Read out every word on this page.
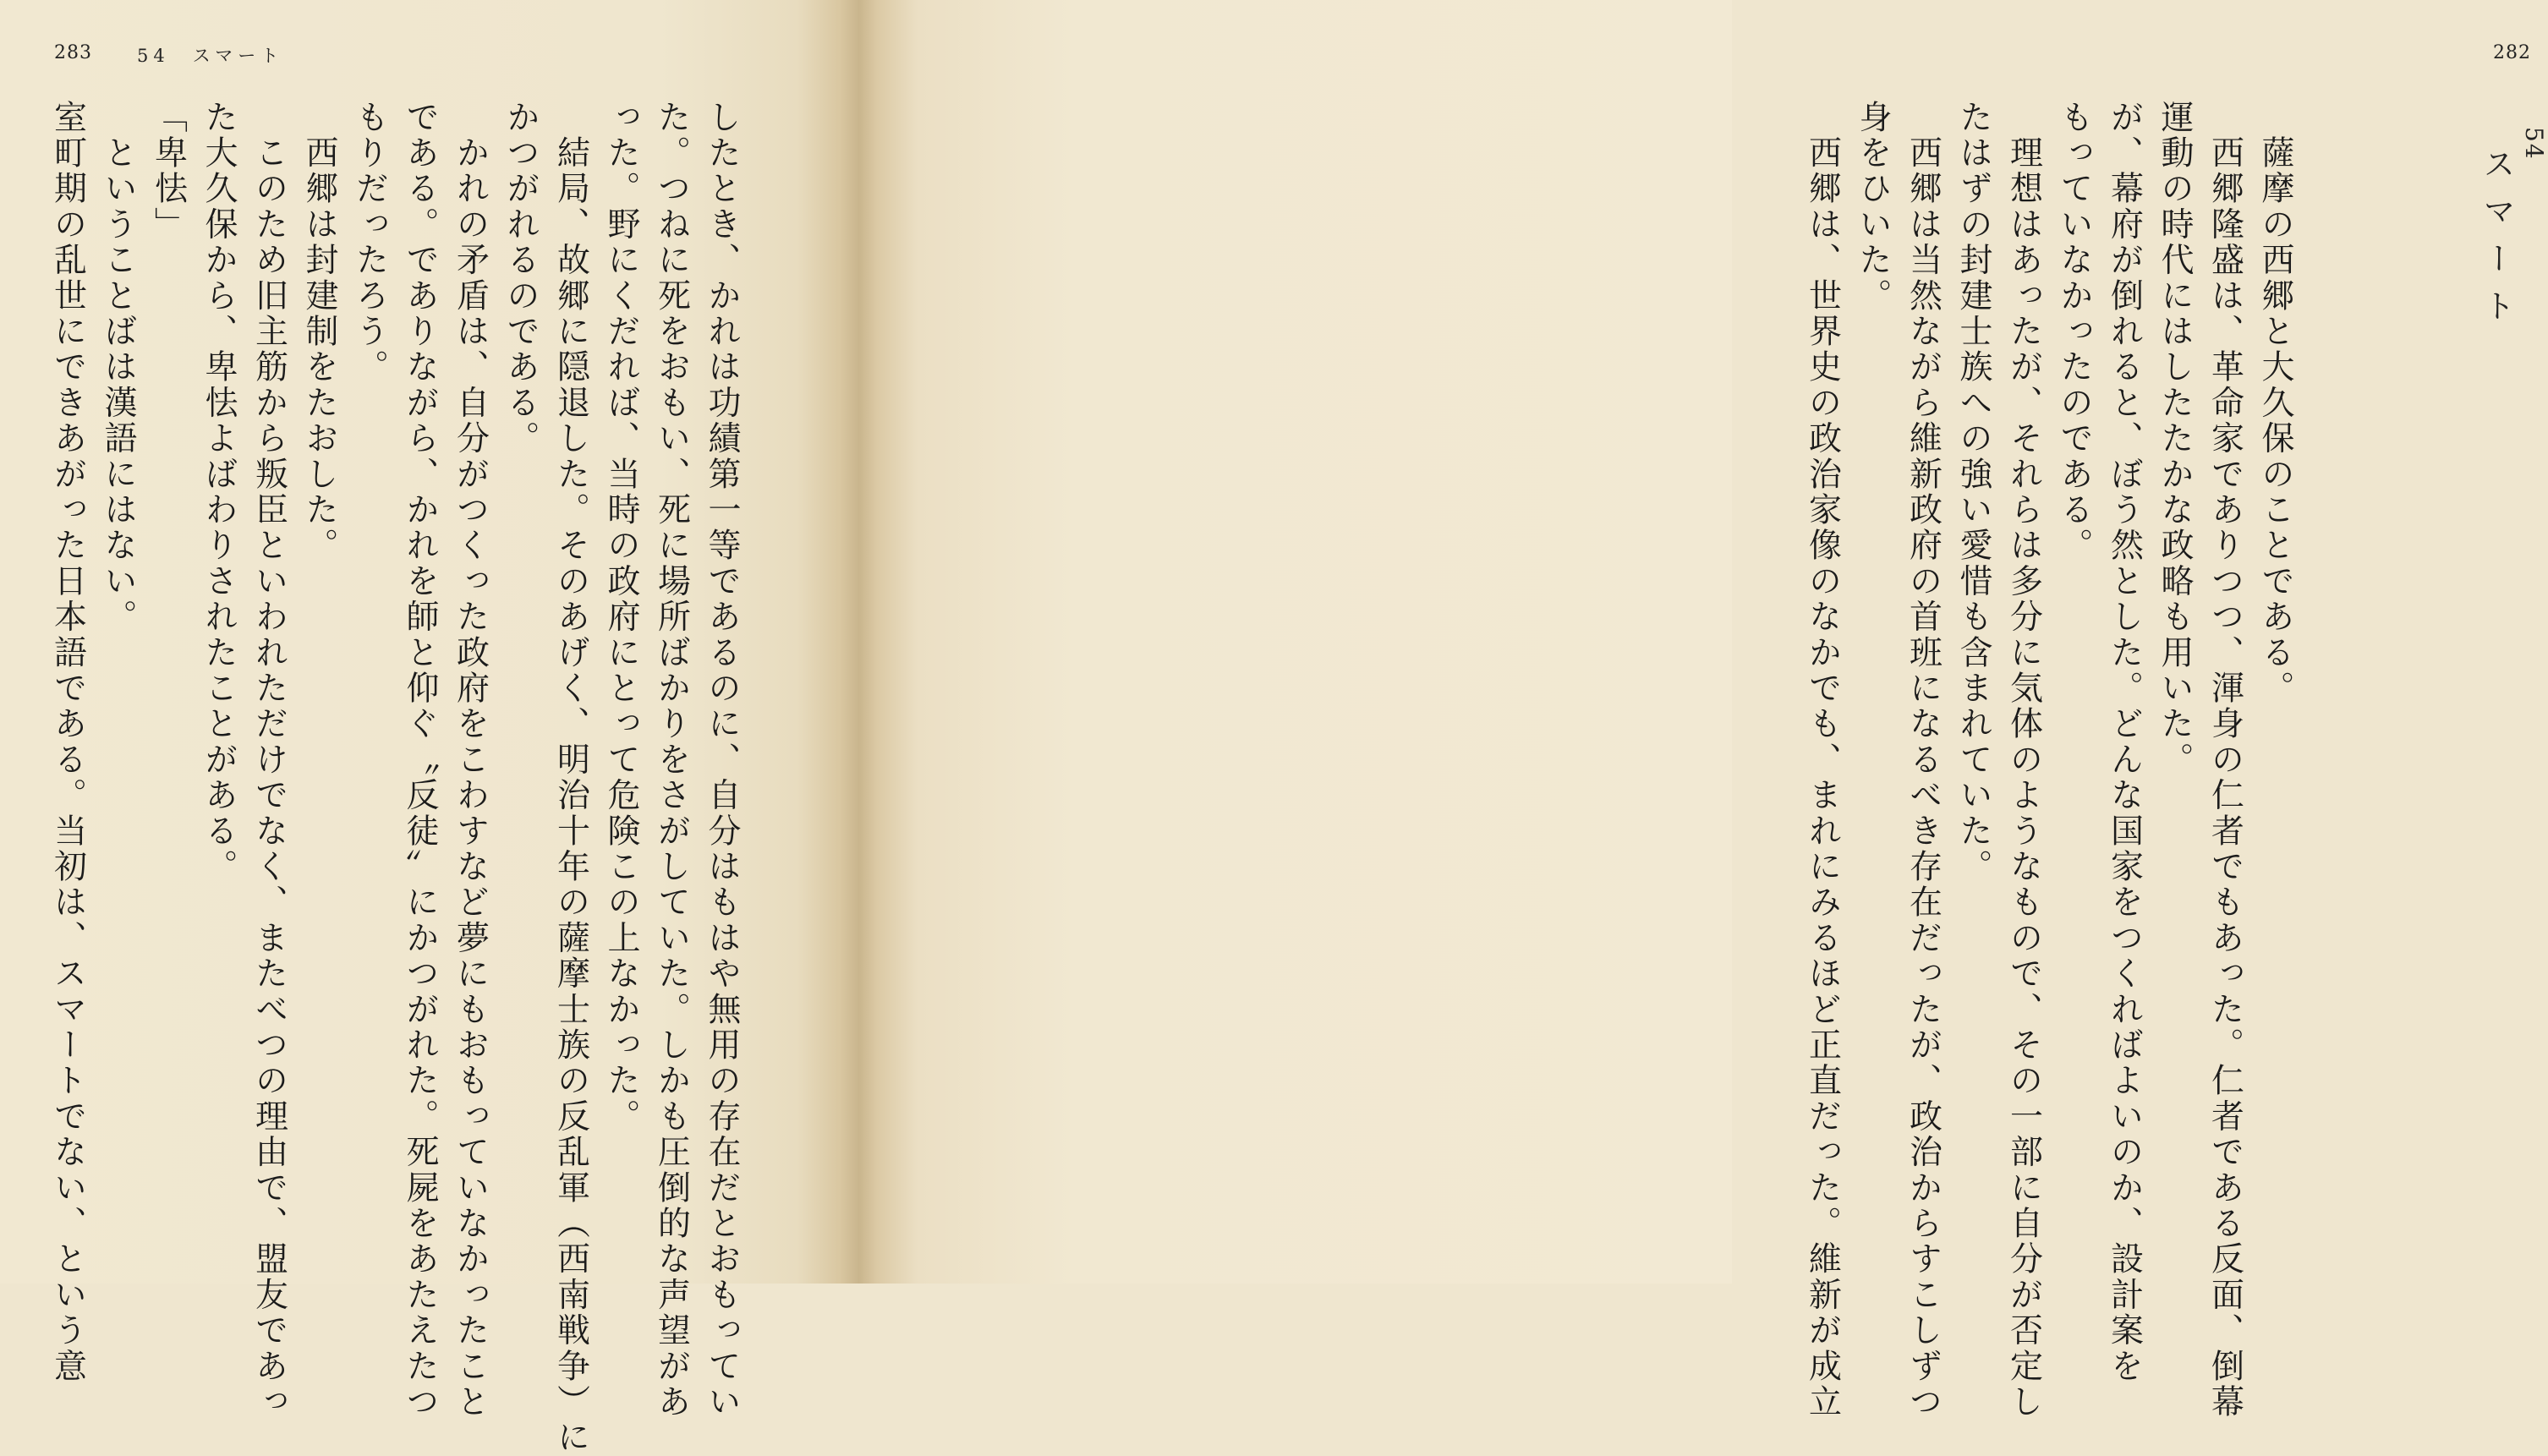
283	54　スマート

したとき、かれは功績第一等であるのに、自分はもはや無用の存在だとおもってい

た。つねに死をおもい、死に場所ばかりをさがしていた。しかも圧倒的な声望があ

った。野にくだれば、当時の政府にとって危険この上なかった。

　結局、故郷に隠退した。そのあげく、明治十年の薩摩士族の反乱軍（西南戦争）に

かつがれるのである。

　かれの矛盾は、自分がつくった政府をこわすなど夢にもおもっていなかったこと

である。でありながら、かれを師と仰ぐ〝反徒〟にかつがれた。死屍をあたえたつ

もりだったろう。

　西郷は封建制をたおした。

　このため旧主筋から叛臣といわれただけでなく、またべつの理由で、盟友であっ

た大久保から、卑怯よばわりされたことがある。

「卑怯」

　ということばは漢語にはない。

室町期の乱世にできあがった日本語である。当初は、スマートでない、という意

282

　薩摩の西郷と大久保のことである。

　西郷隆盛は、革命家でありつつ、渾身の仁者でもあった。仁者である反面、倒幕

運動の時代にはしたたかな政略も用いた。

が、幕府が倒れると、ぼう然とした。どんな国家をつくればよいのか、設計案を

もっていなかったのである。

　理想はあったが、それらは多分に気体のようなもので、その一部に自分が否定し

たはずの封建士族への強い愛惜も含まれていた。

　西郷は当然ながら維新政府の首班になるべき存在だったが、政治からすこしずつ

身をひいた。

　西郷は、世界史の政治家像のなかでも、まれにみるほど正直だった。維新が成立	54
スマート
